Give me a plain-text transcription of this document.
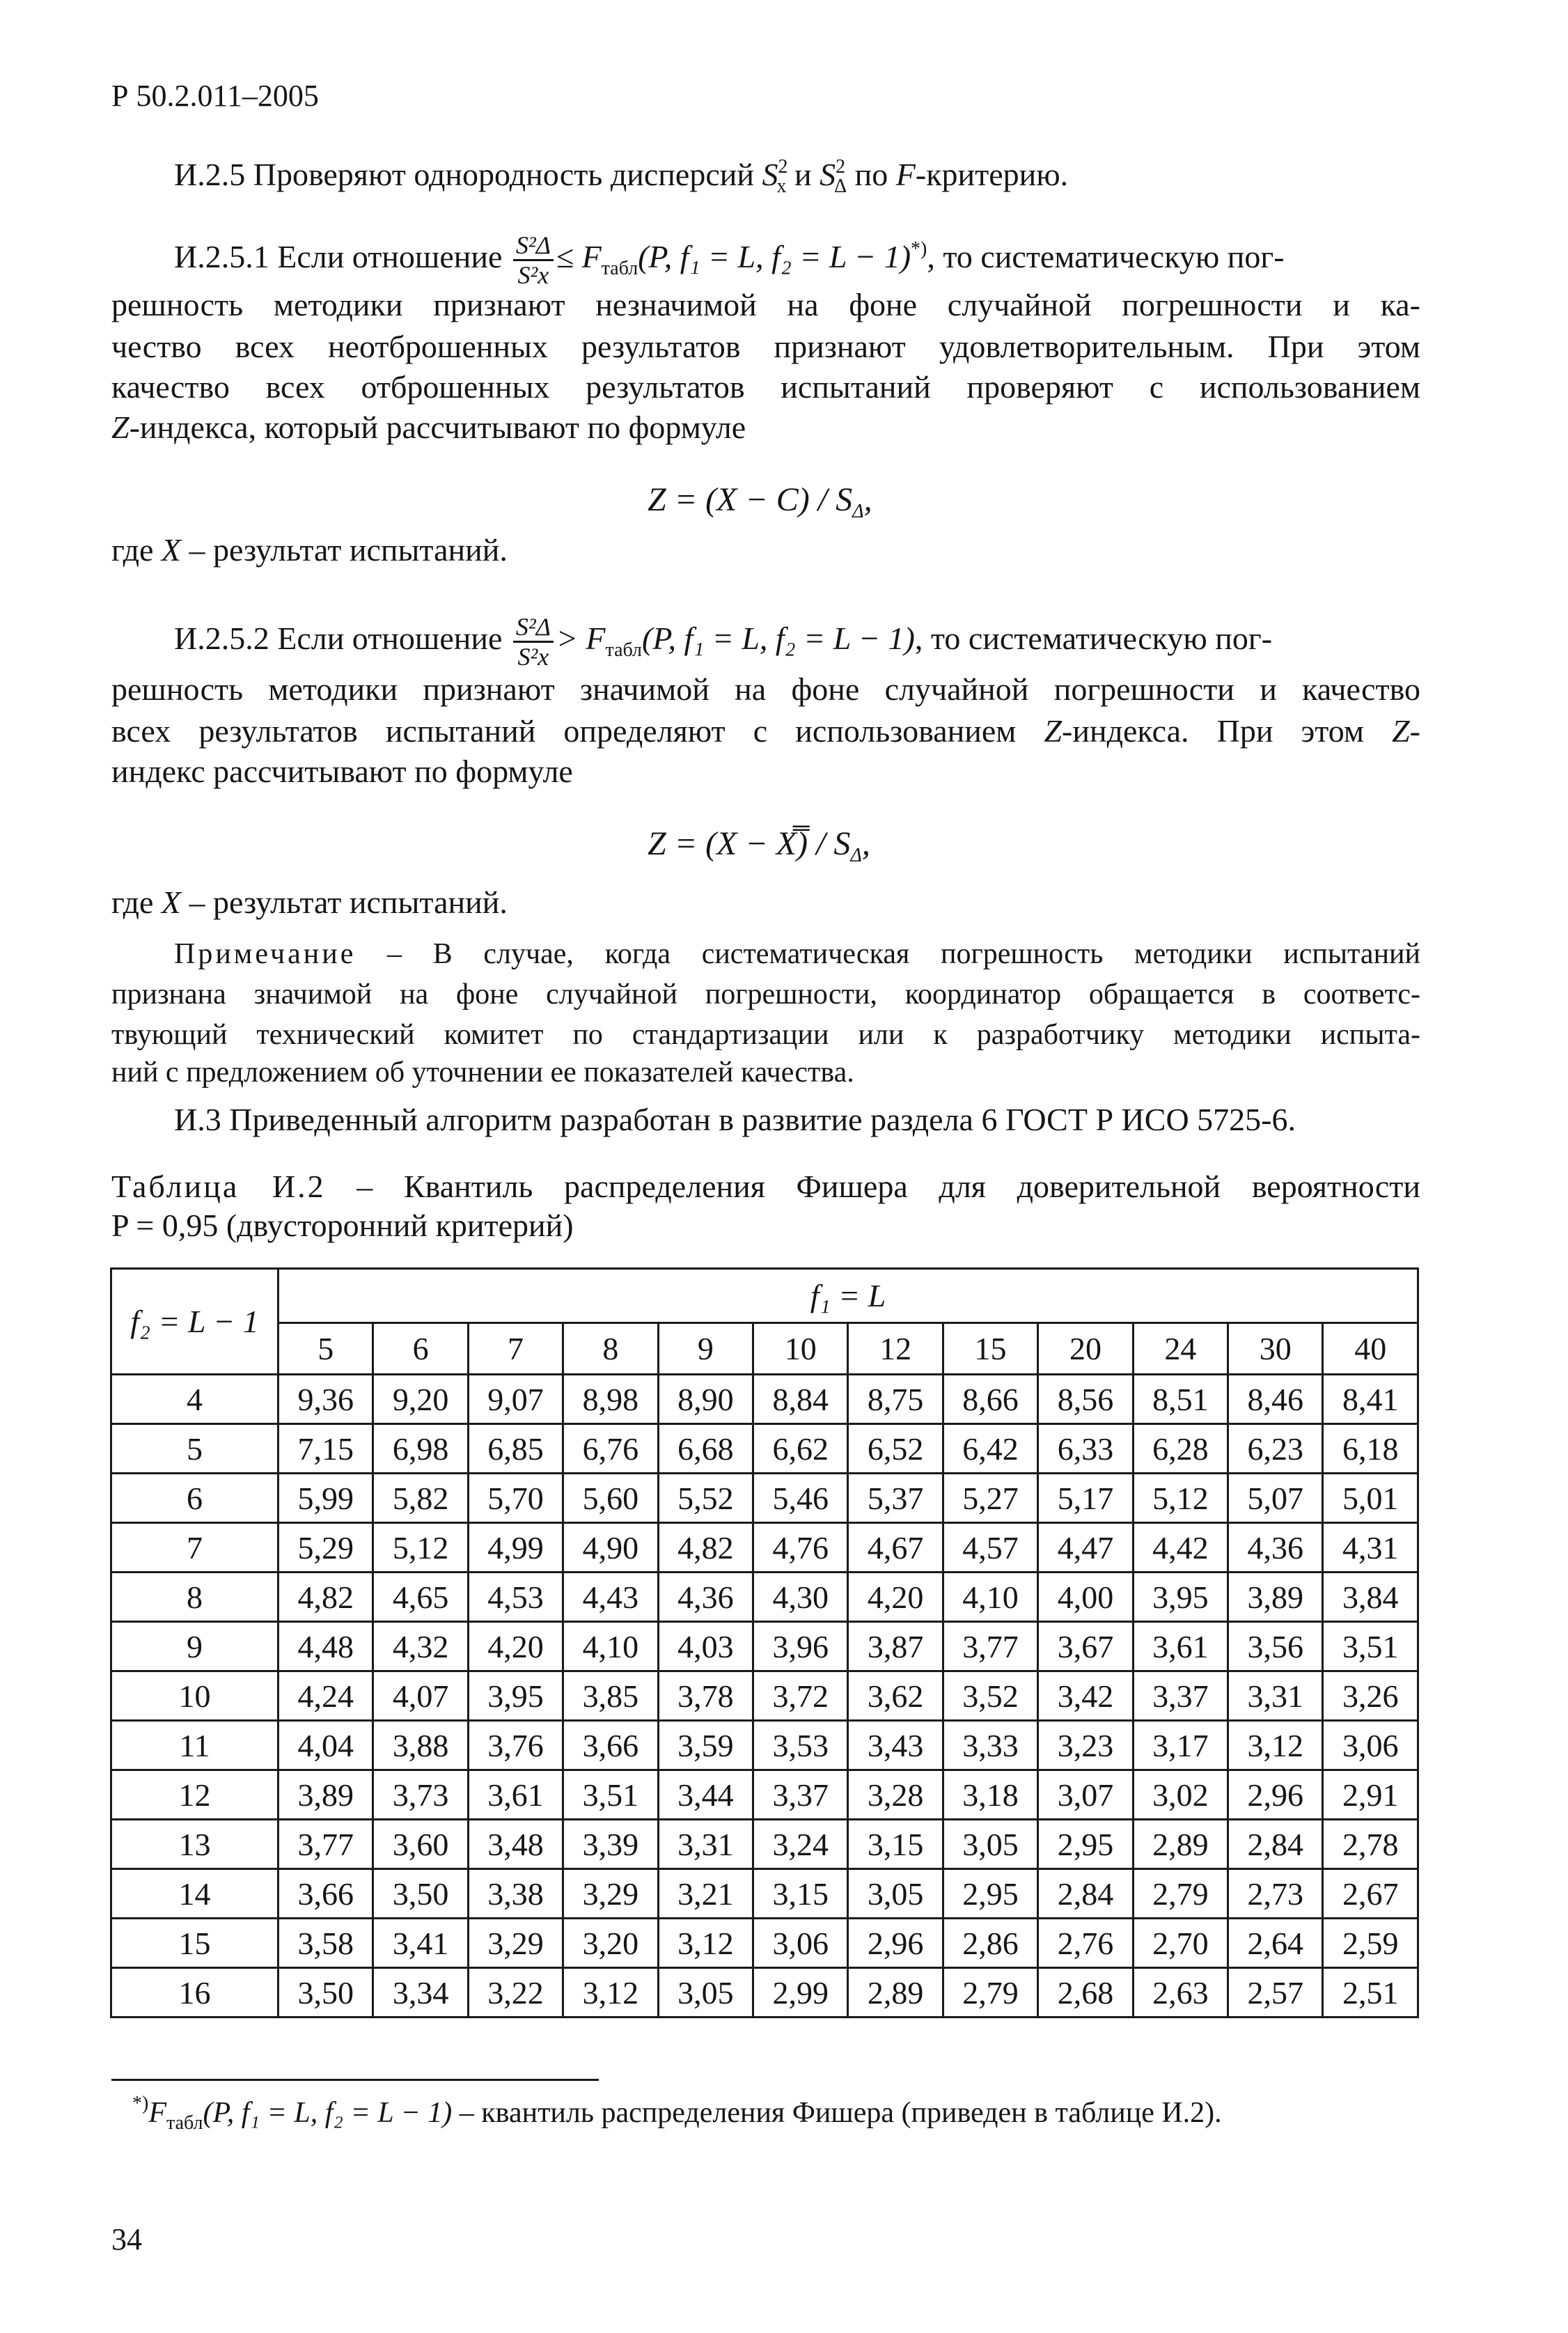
Р 50.2.011–2005
И.2.5 Проверяют однородность дисперсий $S^2_x$ и $S^2_\Delta$ по F-критерию.
И.2.5.1 Если отношение $\frac{\text{S²Δ}}{\text{S²x}} \le F_{табл}(P$, f₁ = L, f₂ = L − 1)*), то систематическую пог-
решность методики признают незначимой на фоне случайной погрешности и ка-
чество всех неотброшенных результатов признают удовлетворительным. При этом
качество всех отброшенных результатов испытаний проверяют с использованием
Z-индекса, который рассчитывают по формуле
$Z = (X - C) / S_\Delta$,
где X – результат испытаний.
И.2.5.2 Если отношение $\frac{\text{S²Δ}}{\text{S²x}} > F_{табл}(P$, f₁ = L, f₂ = L − 1), то систематическую пог-
решность методики признают значимой на фоне случайной погрешности и качество
всех результатов испытаний определяют с использованием Z-индекса. При этом Z-
индекс рассчитывают по формуле
Z = (X − X̿) / $S_\Delta$,
где X – результат испытаний.
Примечание – В случае, когда систематическая погрешность методики испытаний
признана значимой на фоне случайной погрешности, координатор обращается в соответс-
твующий технический комитет по стандартизации или к разработчику методики испыта-
ний с предложением об уточнении ее показателей качества.
И.3 Приведенный алгоритм разработан в развитие раздела 6 ГОСТ Р ИСО 5725-6.
Таблица И.2 – Квантиль распределения Фишера для доверительной вероятности
P = 0,95 (двусторонний критерий)
f₂ = L − 1	f₁ = L											
	5	6	7	8	9	10	12	15	20	24	30	40
4	9,36	9,20	9,07	8,98	8,90	8,84	8,75	8,66	8,56	8,51	8,46	8,41
5	7,15	6,98	6,85	6,76	6,68	6,62	6,52	6,42	6,33	6,28	6,23	6,18
6	5,99	5,82	5,70	5,60	5,52	5,46	5,37	5,27	5,17	5,12	5,07	5,01
7	5,29	5,12	4,99	4,90	4,82	4,76	4,67	4,57	4,47	4,42	4,36	4,31
8	4,82	4,65	4,53	4,43	4,36	4,30	4,20	4,10	4,00	3,95	3,89	3,84
9	4,48	4,32	4,20	4,10	4,03	3,96	3,87	3,77	3,67	3,61	3,56	3,51
10	4,24	4,07	3,95	3,85	3,78	3,72	3,62	3,52	3,42	3,37	3,31	3,26
11	4,04	3,88	3,76	3,66	3,59	3,53	3,43	3,33	3,23	3,17	3,12	3,06
12	3,89	3,73	3,61	3,51	3,44	3,37	3,28	3,18	3,07	3,02	2,96	2,91
13	3,77	3,60	3,48	3,39	3,31	3,24	3,15	3,05	2,95	2,89	2,84	2,78
14	3,66	3,50	3,38	3,29	3,21	3,15	3,05	2,95	2,84	2,79	2,73	2,67
15	3,58	3,41	3,29	3,20	3,12	3,06	2,96	2,86	2,76	2,70	2,64	2,59
16	3,50	3,34	3,22	3,12	3,05	2,99	2,89	2,79	2,68	2,63	2,57	2,51
$^{*)}F_{табл}(P$, f₁ = L, f₂ = L − 1) – квантиль распределения Фишера (приведен в таблице И.2).
34
